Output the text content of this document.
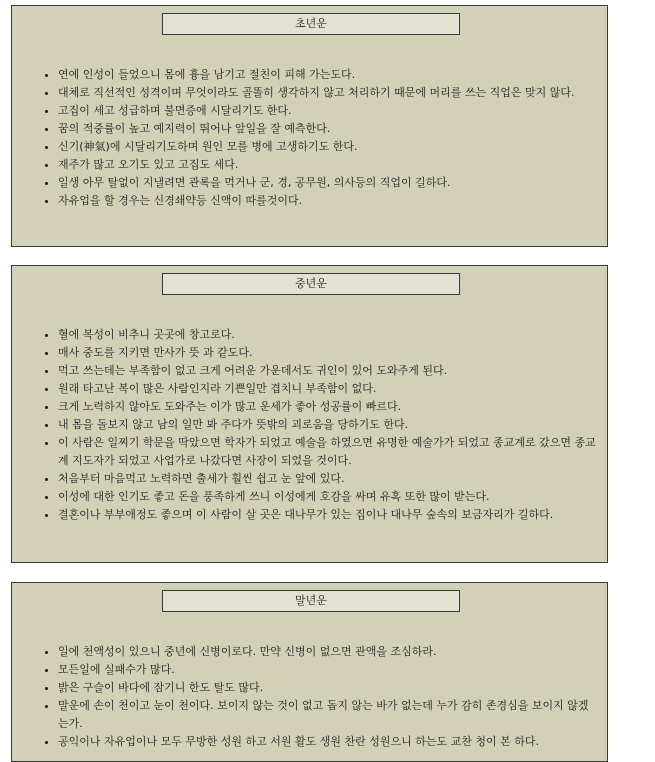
초년운
• 연에 인성이 들었으니 몸에 흉을 남기고 절친이 피해 가는도다.
• 대체로 직선적인 성격이며 무엇이라도 골똘히 생각하지 않고 처리하기 때문에 머리를 쓰는 직업은 맞지 않다.
• 고집이 세고 성급하며 불면증에 시달리기도 한다.
• 꿈의 적중률이 높고 예지력이 뛰어나 앞일을 잘 예측한다.
• 신기(神氣)에 시달리기도하며 원인 모를 병에 고생하기도 한다.
• 재주가 많고 오기도 있고 고집도 세다.
• 일생 아무 탈없이 지낼려면 관록을 먹거나 군, 경, 공무원, 의사등의 직업이 길하다.
• 자유업을 할 경우는 신경쇄약등 신액이 따를것이다.
중년운
• 혈에 복성이 비추니 곳곳에 창고로다.
• 매사 중도를 지키면 만사가 뜻 과 같도다.
• 먹고 쓰는데는 부족함이 없고 크게 어려운 가운데서도 귀인이 있어 도와주게 된다.
• 원래 타고난 복이 많은 사람인지라 기쁜일만 겹치니 부족함이 없다.
• 크게 노력하지 않아도 도와주는 이가 많고 운세가 좋아 성공률이 빠르다.
• 내 몸을 돌보지 않고 남의 일만 봐 주다가 뜻밖의 괴로움을 당하기도 한다.
• 이 사람은 일찌기 학문을 딱았으면 학자가 되었고 예술을 하였으면 유명한 예술가가 되었고 종교계로 갔으면 종교계 지도자가 되었고 사업가로 나갔다면 사장이 되었을 것이다.
• 처음부터 마음먹고 노력하면 출세가 훨씬 쉽고 눈 앞에 있다.
• 이성에 대한 인기도 좋고 돈을 풍족하게 쓰니 이성에게 호감을 싸며 유혹 또한 많이 받는다.
• 결혼이나 부부애정도 좋으며 이 사람이 살 곳은 대나무가 있는 집이나 대나무 숲속의 보금자리가 길하다.
말년운
• 일에 천액성이 있으니 중년에 신병이로다. 만약 신병이 없으면 관액을 조심하라.
• 모든일에 실패수가 많다.
• 밝은 구슬이 바다에 잠기니 한도 탈도 많다.
• 말운에 손이 천이고 눈이 천이다. 보이지 않는 것이 없고 돕지 않는 바가 없는데 누가 감히 존경심을 보이지 않겠는가.
• 공익이나 자유업이나 모두 무방한 성원 하고 서원 활도 생원 찬란 성원으니 하는도 교찬 청이 본 하다.
